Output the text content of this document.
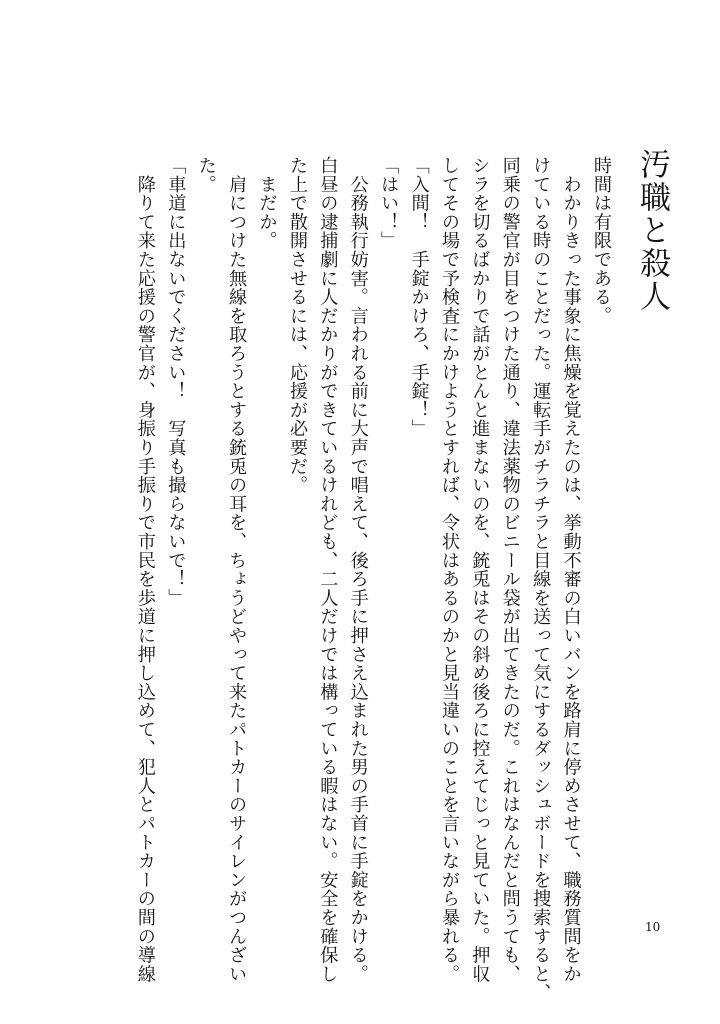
汚職と殺人
時間は有限である。
　わかりきった事象に焦燥を覚えたのは、挙動不審の白いバンを路肩に停めさせて、職務質問をか
けている時のことだった。運転手がチラチラと目線を送って気にするダッシュボードを捜索すると、
同乗の警官が目をつけた通り、違法薬物のビニール袋が出てきたのだ。これはなんだと問うても、
シラを切るばかりで話がとんと進まないのを、銃兎はその斜め後ろに控えてじっと見ていた。押収
してその場で予検査にかけようとすれば、令状はあるのかと見当違いのことを言いながら暴れる。
「入間！　手錠かけろ、手錠！」
「はい！」
　公務執行妨害。言われる前に大声で唱えて、後ろ手に押さえ込まれた男の手首に手錠をかける。
白昼の逮捕劇に人だかりができているけれども、二人だけでは構っている暇はない。安全を確保し
た上で散開させるには、応援が必要だ。
　まだか。
　肩につけた無線を取ろうとする銃兎の耳を、ちょうどやって来たパトカーのサイレンがつんざい
た。
「車道に出ないでください！　写真も撮らないで！」
　降りて来た応援の警官が、身振り手振りで市民を歩道に押し込めて、犯人とパトカーの間の導線	10
